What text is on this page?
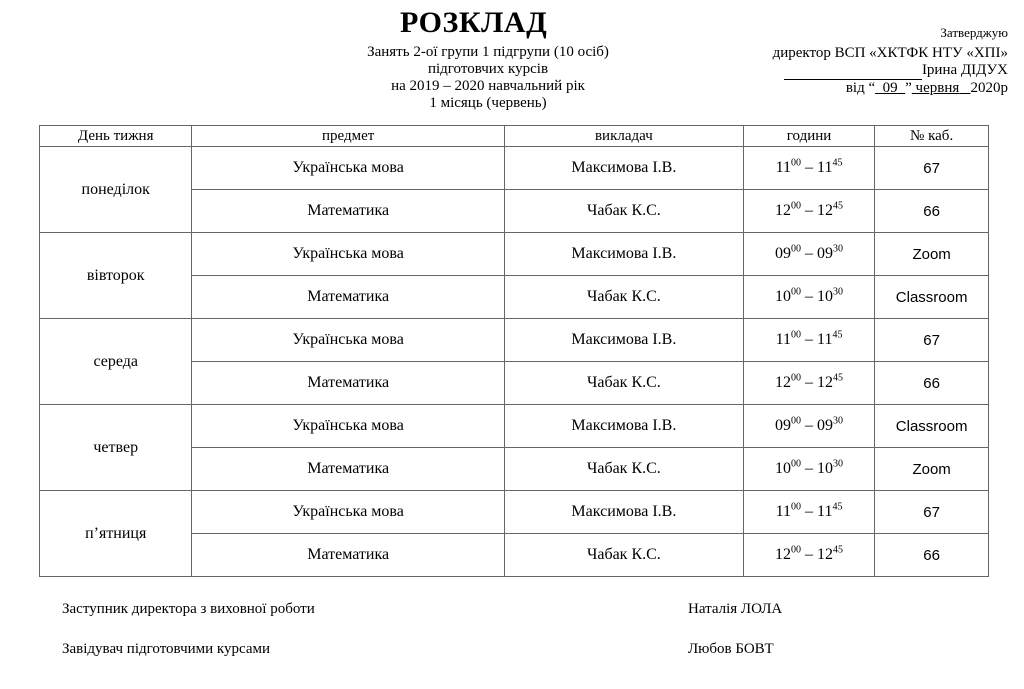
РОЗКЛАД
Занять 2-ої групи 1 підгрупи (10 осіб)
підготовчих курсів
на 2019 – 2020 навчальний рік
1 місяць (червень)
Затверджую
директор ВСП «ХКТФК НТУ «ХПІ»
Ірина ДІДУХ
від “ 09 ” червня 2020р
День тижня	предмет	викладач	години	№ каб.
понеділок	Українська мова	Максимова І.В.	$11^{00} - 11^{45}$	67
	Математика	Чабак К.С.	$12^{00} - 12^{45}$	66
вівторок	Українська мова	Максимова І.В.	$09^{00} - 09^{30}$	Zoom
	Математика	Чабак К.С.	$10^{00} - 10^{30}$	Classroom
середа	Українська мова	Максимова І.В.	$11^{00} - 11^{45}$	67
	Математика	Чабак К.С.	$12^{00} - 12^{45}$	66
четвер	Українська мова	Максимова І.В.	$09^{00} - 09^{30}$	Classroom
	Математика	Чабак К.С.	$10^{00} - 10^{30}$	Zoom
п’ятниця	Українська мова	Максимова І.В.	$11^{00} - 11^{45}$	67
	Математика	Чабак К.С.	$12^{00} - 12^{45}$	66
Заступник директора з виховної роботи	Наталія ЛОЛА
Завідувач підготовчими курсами	Любов БОВТ
